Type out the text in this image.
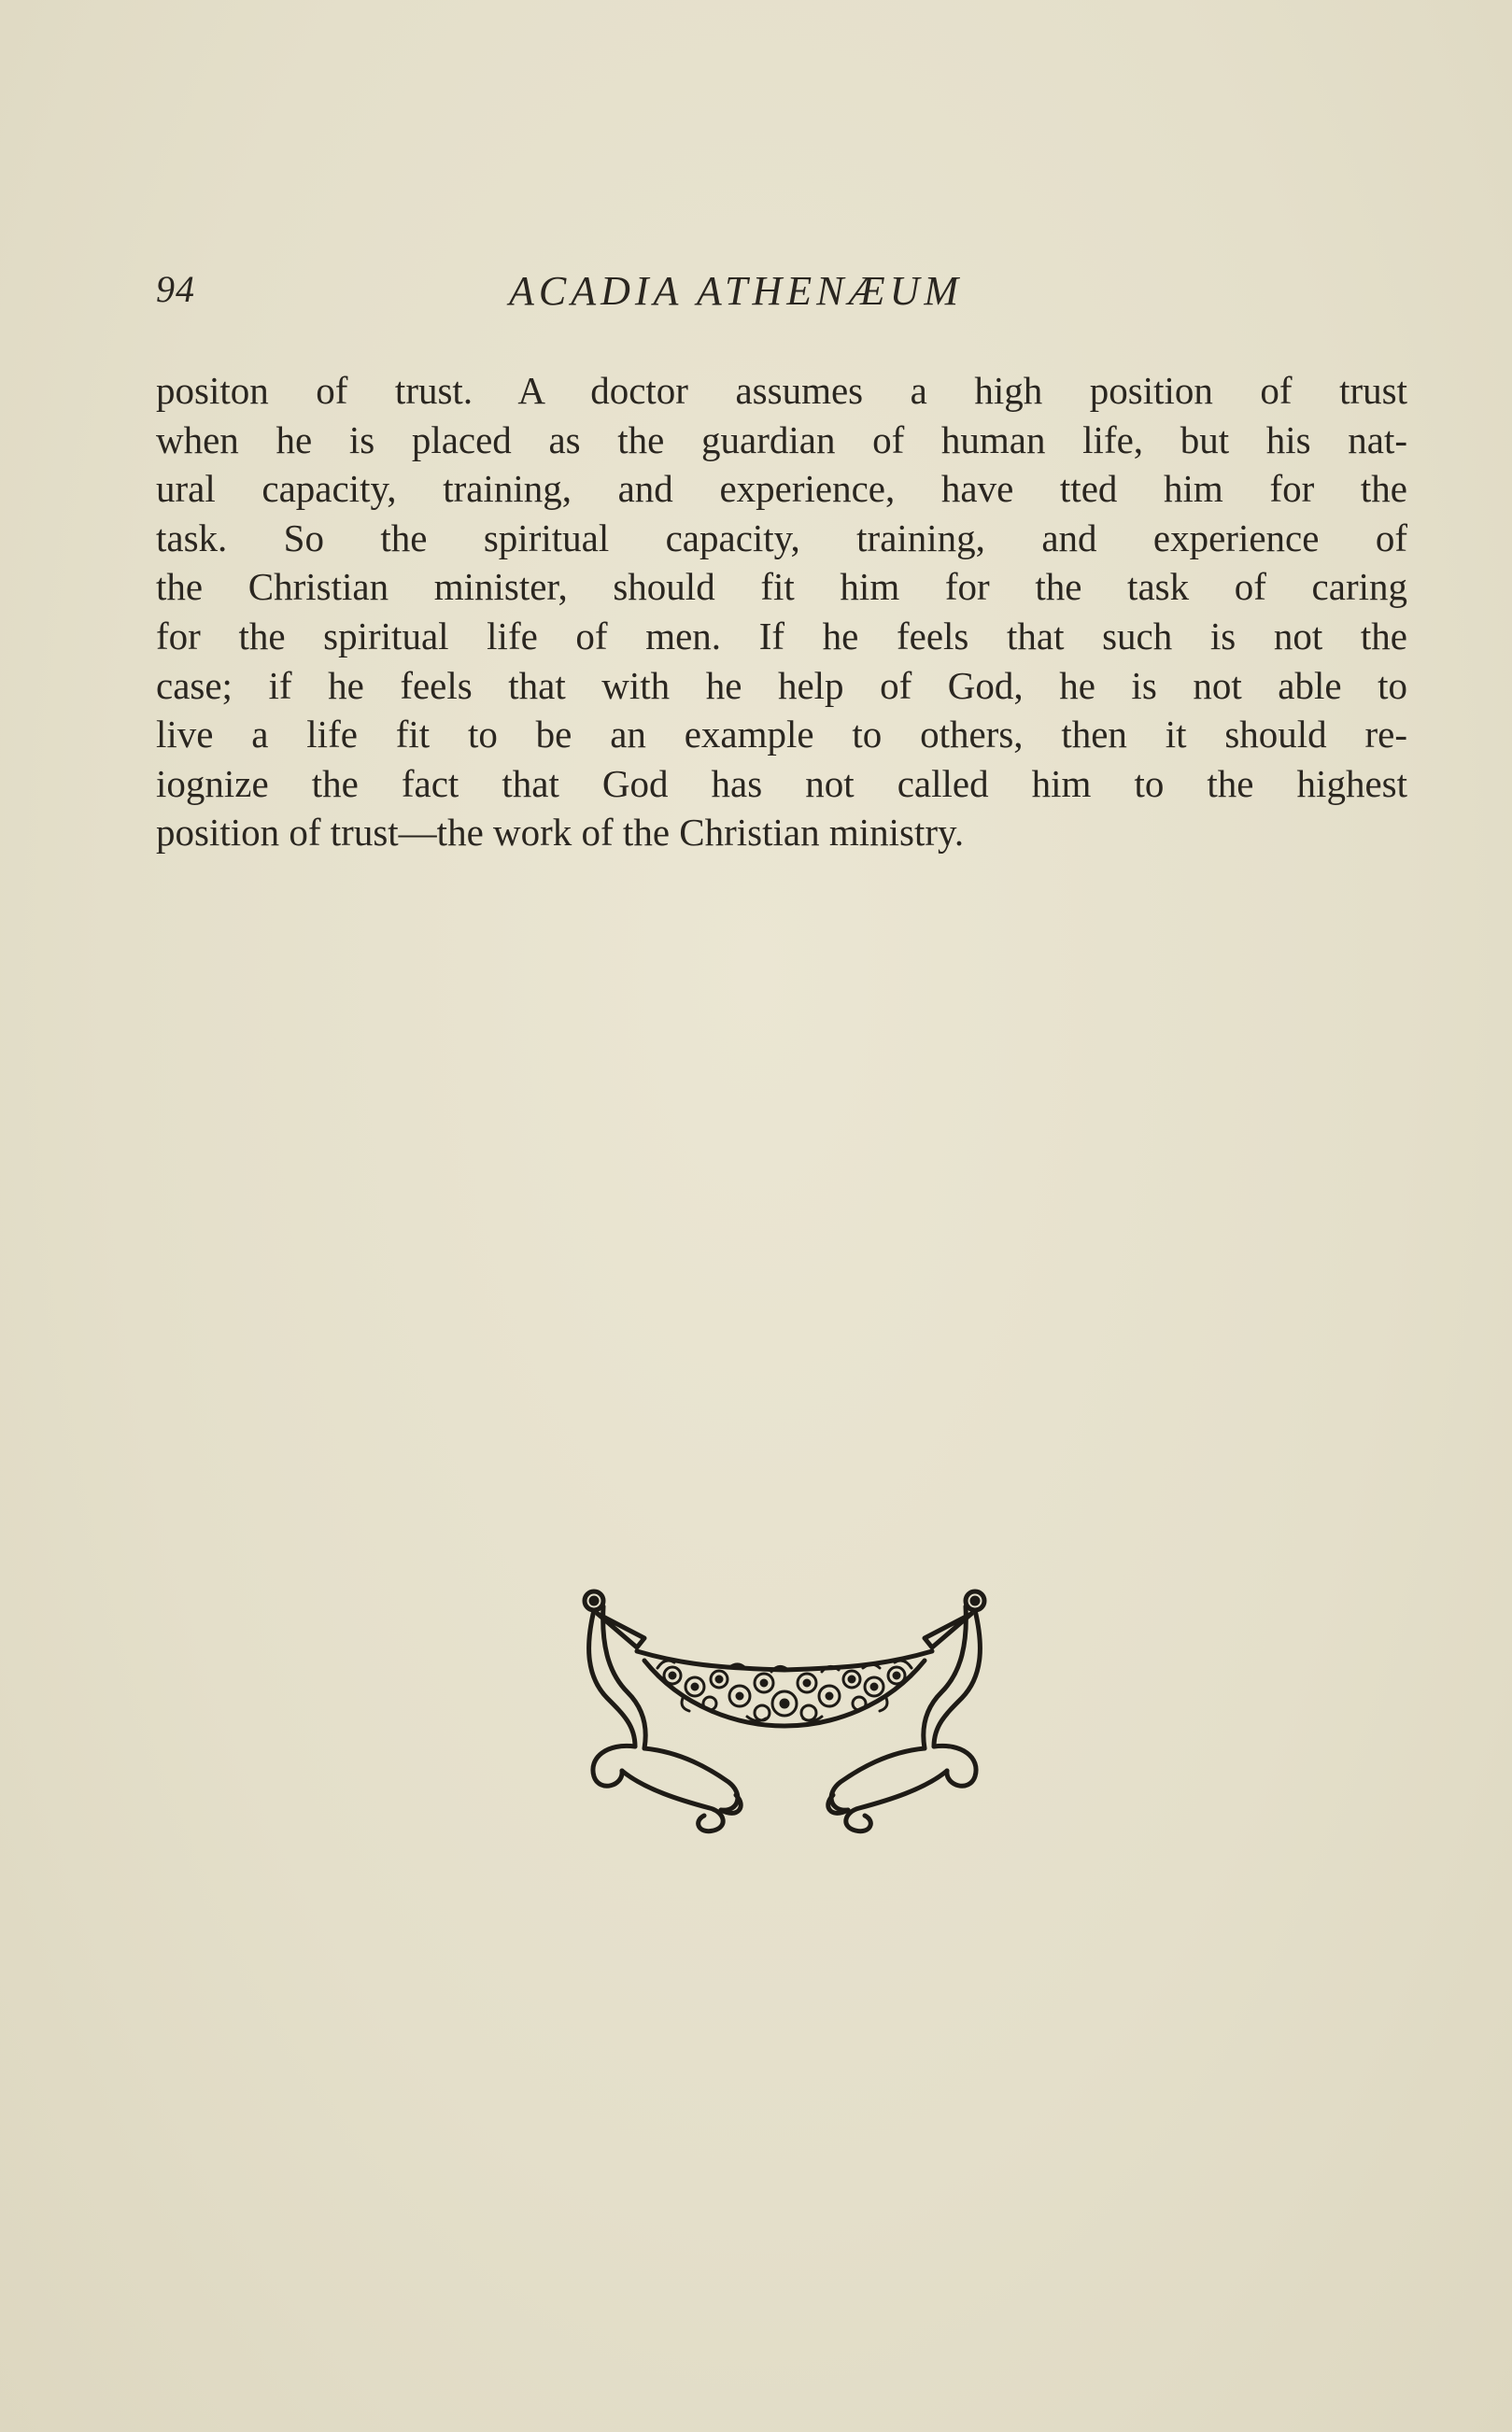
94	ACADIA ATHENÆUM
positon of trust. A doctor assumes a high position of trust
when he is placed as the guardian of human life, but his nat-
ural capacity, training, and experience, have tted him for the
task. So the spiritual capacity, training, and experience of
the Christian minister, should fit him for the task of caring
for the spiritual life of men. If he feels that such is not the
case; if he feels that with he help of God, he is not able to
live a life fit to be an example to others, then it should re-
iognize the fact that God has not called him to the highest
position of trust—the work of the Christian ministry.
